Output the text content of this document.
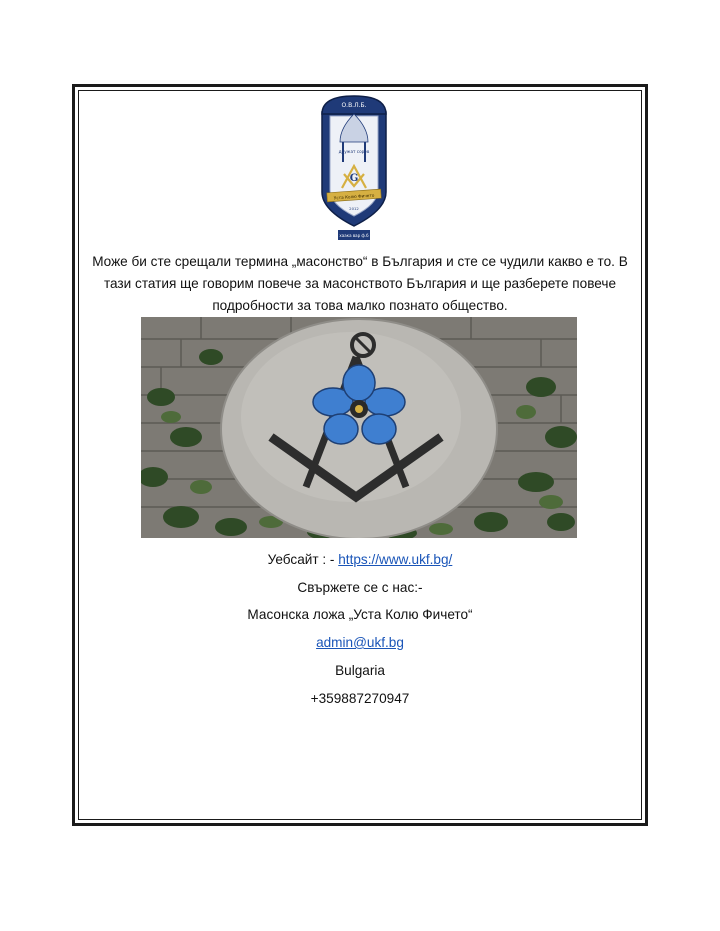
О.В.Л.Б.
дружат сорев
G
2012
Уста Колю Фичето
хаака вар ф.б

Може би сте срещали термина „масонство“ в България и сте се чудили какво е то. В тази статия ще говорим повече за масонството България и ще разберете повече подробности за това малко познато общество.

Уебсайт : - https://www.ukf.bg/

Свържете се с нас:-

Масонска ложа „Уста Колю Фичето“

admin@ukf.bg

Bulgaria

+359887270947
